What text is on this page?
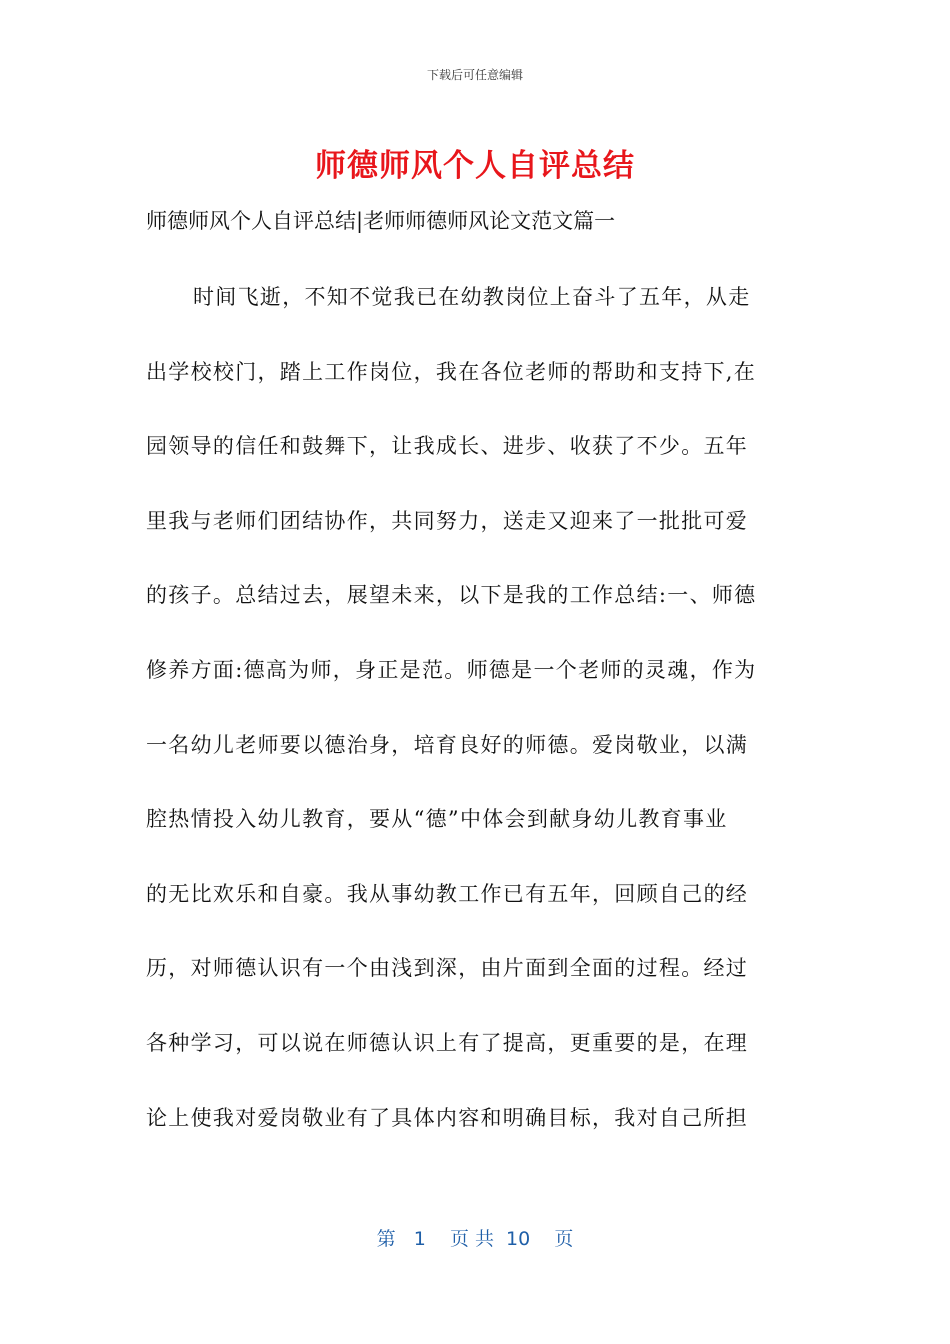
下载后可任意编辑
师德师风个人自评总结

师德师风个人自评总结|老师师德师风论文范文篇一

时间飞逝，不知不觉我已在幼教岗位上奋斗了五年，从走
出学校校门，踏上工作岗位，我在各位老师的帮助和支持下,在
园领导的信任和鼓舞下，让我成长、进步、收获了不少。五年
里我与老师们团结协作，共同努力，送走又迎来了一批批可爱
的孩子。总结过去，展望未来，以下是我的工作总结:一、师德
修养方面:德高为师，身正是范。师德是一个老师的灵魂，作为
一名幼儿老师要以德治身，培育良好的师德。爱岗敬业，以满
腔热情投入幼儿教育，要从“德”中体会到献身幼儿教育事业
的无比欢乐和自豪。我从事幼教工作已有五年，回顾自己的经
历，对师德认识有一个由浅到深，由片面到全面的过程。经过
各种学习，可以说在师德认识上有了提高，更重要的是，在理
论上使我对爱岗敬业有了具体内容和明确目标，我对自己所担
第   1    页 共  10    页
